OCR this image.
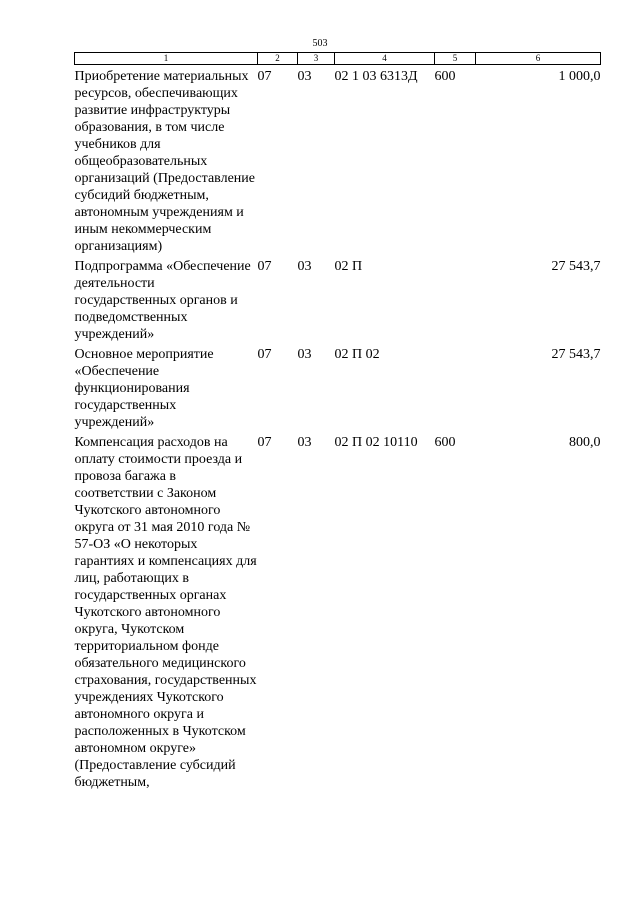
503
1	2	3	4	5	6
Приобретение материальных ресурсов, обеспечивающих развитие инфраструктуры образования, в том числе учебников для общеобразовательных организаций (Предоставление субсидий бюджетным, автономным учреждениям и иным некоммерческим организациям)	07	03	02 1 03 6313Д	600	1 000,0
Подпрограмма «Обеспечение деятельности государственных органов и подведомственных учреждений»	07	03	02 П		27 543,7
Основное мероприятие «Обеспечение функционирования государственных учреждений»	07	03	02 П 02		27 543,7
Компенсация расходов на оплату стоимости проезда и провоза багажа в соответствии с Законом Чукотского автономного округа от 31 мая 2010 года № 57-ОЗ «О некоторых гарантиях и компенсациях для лиц, работающих в государственных органах Чукотского автономного округа, Чукотском территориальном фонде обязательного медицинского страхования, государственных учреждениях Чукотского автономного округа и расположенных в Чукотском автономном округе» (Предоставление субсидий бюджетным,	07	03	02 П 02 10110	600	800,0
